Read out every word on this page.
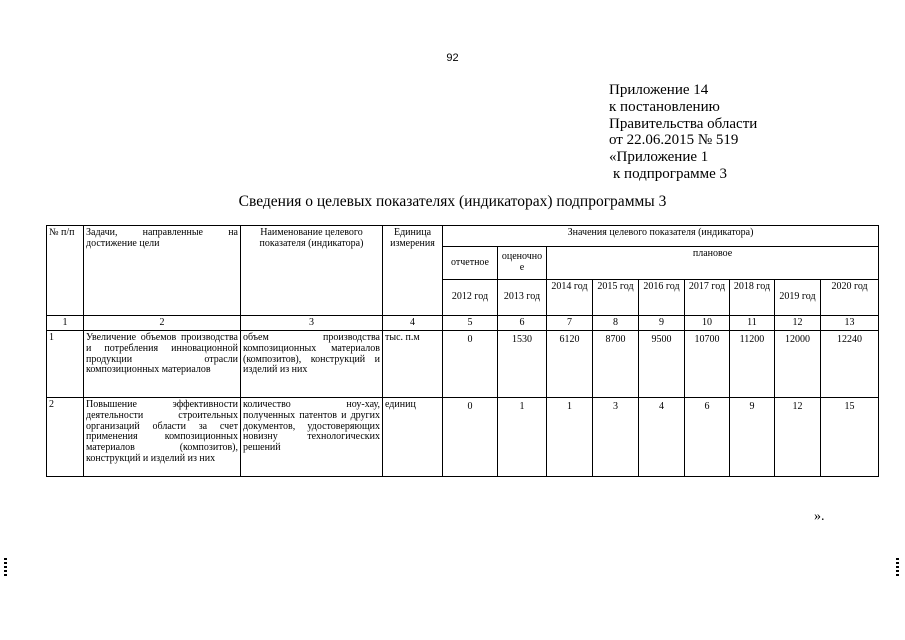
92
Приложение 14
к постановлению
Правительства области
от 22.06.2015 № 519
«Приложение 1
к подпрограмме 3
Сведения о целевых показателях (индикаторах) подпрограммы 3
№ п/п	Задачи, направленные на достижение цели	Наименование целевого показателя (индикатора)	Единица измерения	Значения целевого показателя (индикатора)								
				отчетное	оценочно е	плановое						
				2012 год	2013 год	2014 год	2015 год	2016 год	2017 год	2018 год	2019 год	2020 год
1	2	3	4	5	6	7	8	9	10	11	12	13
1	Увеличение объемов производства и потребления инновационной продукции отрасли композиционных материалов	объем производства композиционных материалов (композитов), конструкций и изделий из них	тыс. п.м	0	1530	6120	8700	9500	10700	11200	12000	12240
2	Повышение эффективности деятельности строительных организаций области за счет применения композиционных материалов (композитов), конструкций и изделий из них	количество ноу-хау, полученных патентов и других документов, удостоверяющих новизну технологических решений	единиц	0	1	1	3	4	6	9	12	15
».
